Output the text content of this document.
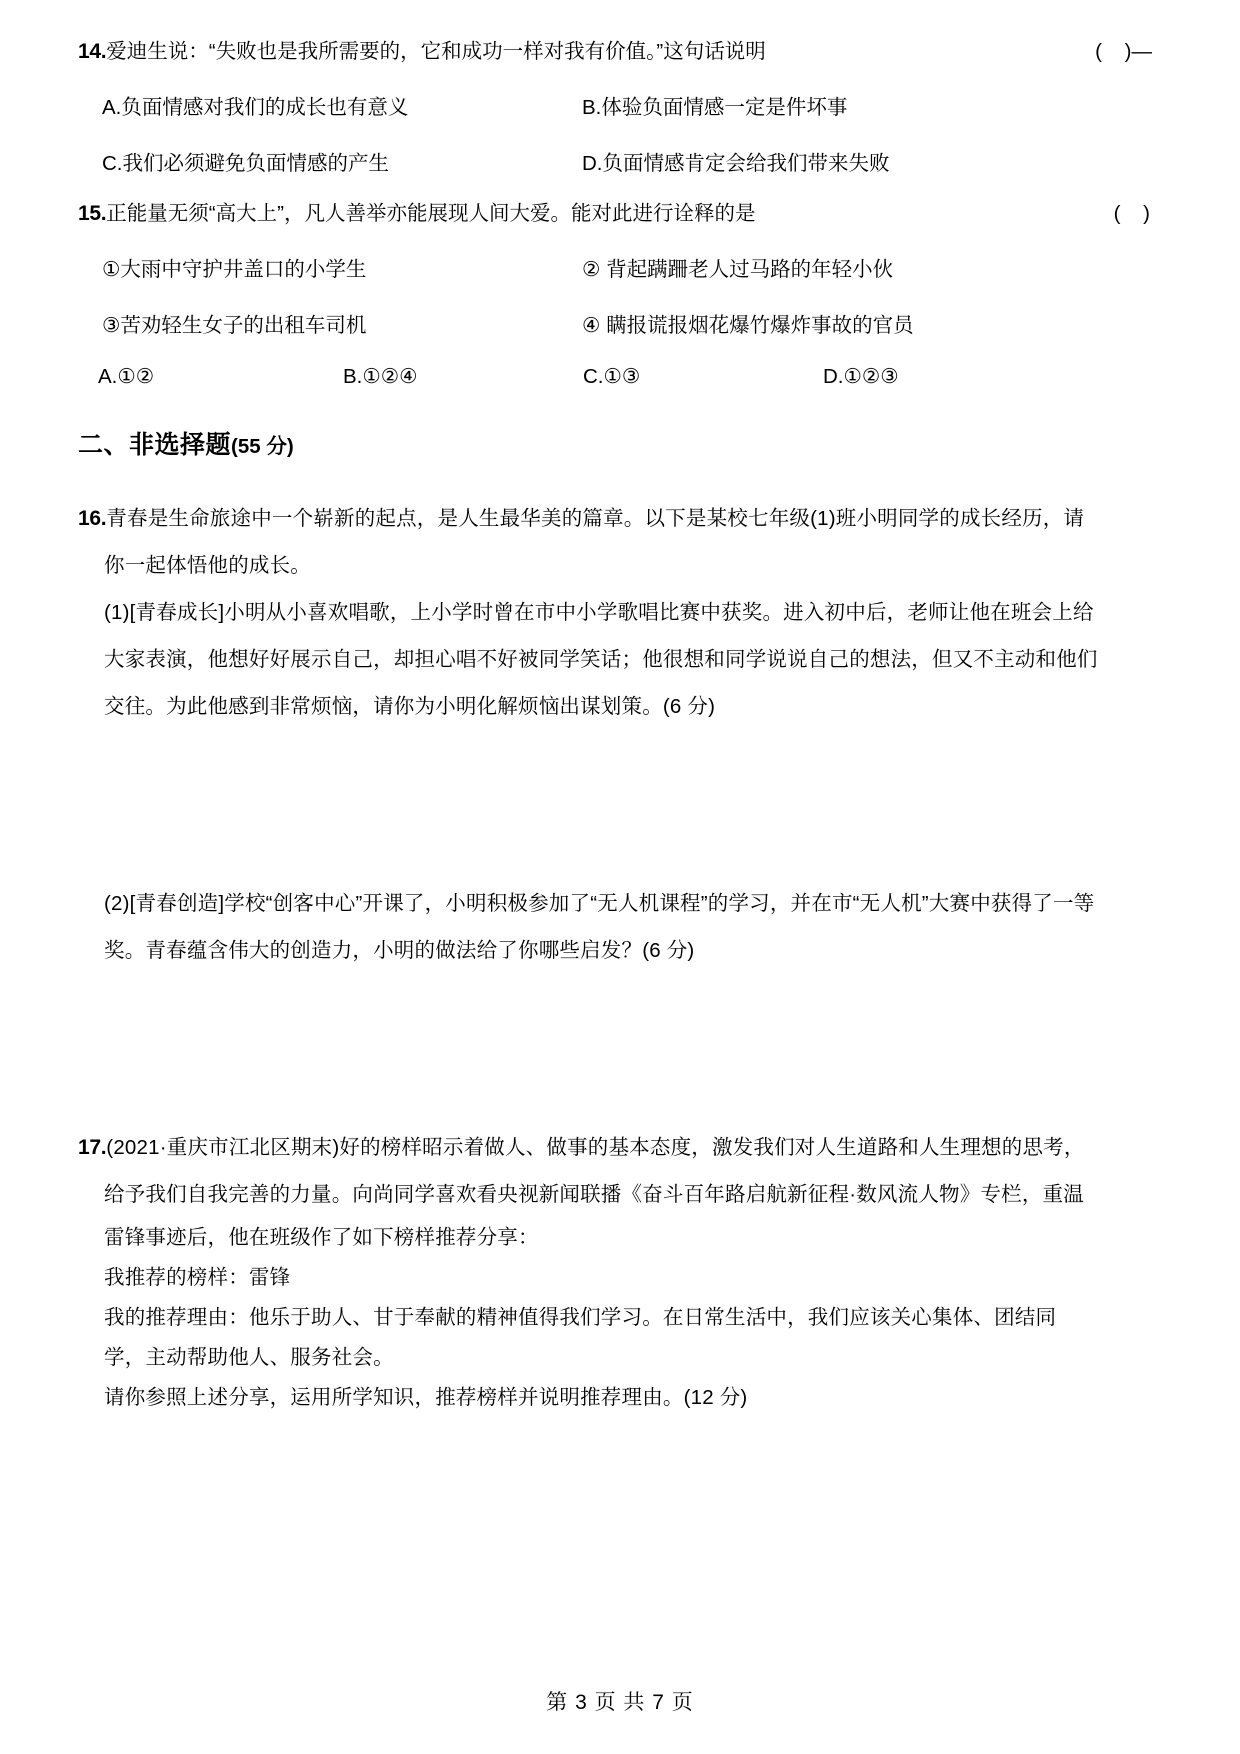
14.爱迪生说：“失败也是我所需要的，它和成功一样对我有价值。”这句话说明	(    ) —
A.负面情感对我们的成长也有意义	B.体验负面情感一定是件坏事
C.我们必须避免负面情感的产生	D.负面情感肯定会给我们带来失败
15.正能量无须“高大上”，凡人善举亦能展现人间大爱。能对此进行诠释的是	(    )
①大雨中守护井盖口的小学生	② 背起蹒跚老人过马路的年轻小伙
③苦劝轻生女子的出租车司机	④ 瞒报谎报烟花爆竹爆炸事故的官员
A.①②	B.①②④	C.①③	D.①②③
二、非选择题(55 分)
16. 青春是生命旅途中一个崭新的起点，是人生最华美的篇章。以下是某校七年级(1)班小明同学的成长经历，请
你一起体悟他的成长。
(1)[青春成长]小明从小喜欢唱歌，上小学时曾在市中小学歌唱比赛中获奖。进入初中后，老师让他在班会上给
大家表演，他想好好展示自己，却担心唱不好被同学笑话；他很想和同学说说自己的想法，但又不主动和他们
交往。为此他感到非常烦恼，请你为小明化解烦恼出谋划策。(6 分)
(2)[青春创造]学校“创客中心”开课了，小明积极参加了“无人机课程”的学习，并在市“无人机”大赛中获得了一等
奖。青春蕴含伟大的创造力，小明的做法给了你哪些启发？(6 分)
17. (2021·重庆市江北区期末)好的榜样昭示着做人、做事的基本态度，激发我们对人生道路和人生理想的思考，
给予我们自我完善的力量。向尚同学喜欢看央视新闻联播《奋斗百年路启航新征程·数风流人物》专栏，重温
雷锋事迹后，他在班级作了如下榜样推荐分享：
我推荐的榜样：雷锋
我的推荐理由：他乐于助人、甘于奉献的精神值得我们学习。在日常生活中，我们应该关心集体、团结同
学，主动帮助他人、服务社会。
请你参照上述分享，运用所学知识，推荐榜样并说明推荐理由。(12 分)
第 3 页 共 7 页
